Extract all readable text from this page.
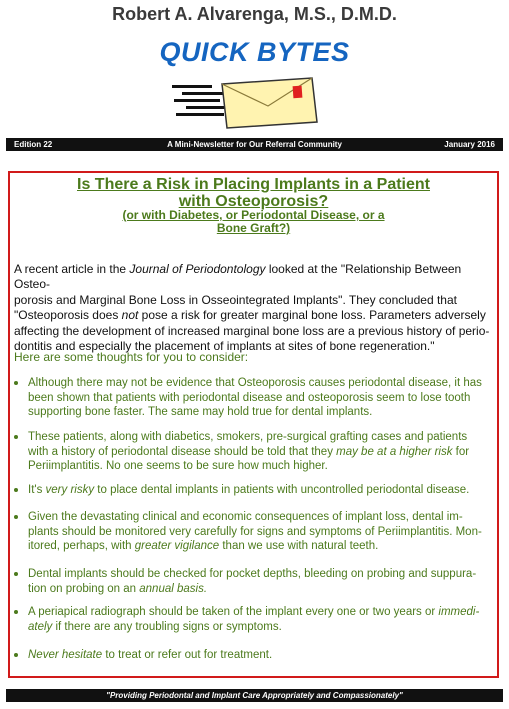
Robert A. Alvarenga, M.S., D.M.D.
QUICK BYTES
Edition 22	A Mini-Newsletter for Our Referral Community	January 2016
Is There a Risk in Placing Implants in a Patient
with Osteoporosis?
(or with Diabetes, or Periodontal Disease, or a
Bone Graft?)
A recent article in the Journal of Periodontology looked at the "Relationship Between Osteo-
porosis and Marginal Bone Loss in Osseointegrated Implants". They concluded that
"Osteoporosis does not pose a risk for greater marginal bone loss. Parameters adversely
affecting the development of increased marginal bone loss are a previous history of perio-
dontitis and especially the placement of implants at sites of bone regeneration."
Here are some thoughts for you to consider:
Although there may not be evidence that Osteoporosis causes periodontal disease, it has
been shown that patients with periodontal disease and osteoporosis seem to lose tooth
supporting bone faster. The same may hold true for dental implants.
These patients, along with diabetics, smokers, pre-surgical grafting cases and patients
with a history of periodontal disease should be told that they may be at a higher risk for
Periimplantitis. No one seems to be sure how much higher.
It's very risky to place dental implants in patients with uncontrolled periodontal disease.
Given the devastating clinical and economic consequences of implant loss, dental im-
plants should be monitored very carefully for signs and symptoms of Periimplantitis. Mon-
itored, perhaps, with greater vigilance than we use with natural teeth.
Dental implants should be checked for pocket depths, bleeding on probing and suppura-
tion on probing on an annual basis.
A periapical radiograph should be taken of the implant every one or two years or immedi-
ately if there are any troubling signs or symptoms.
Never hesitate to treat or refer out for treatment.
"Providing Periodontal and Implant Care Appropriately and Compassionately"
